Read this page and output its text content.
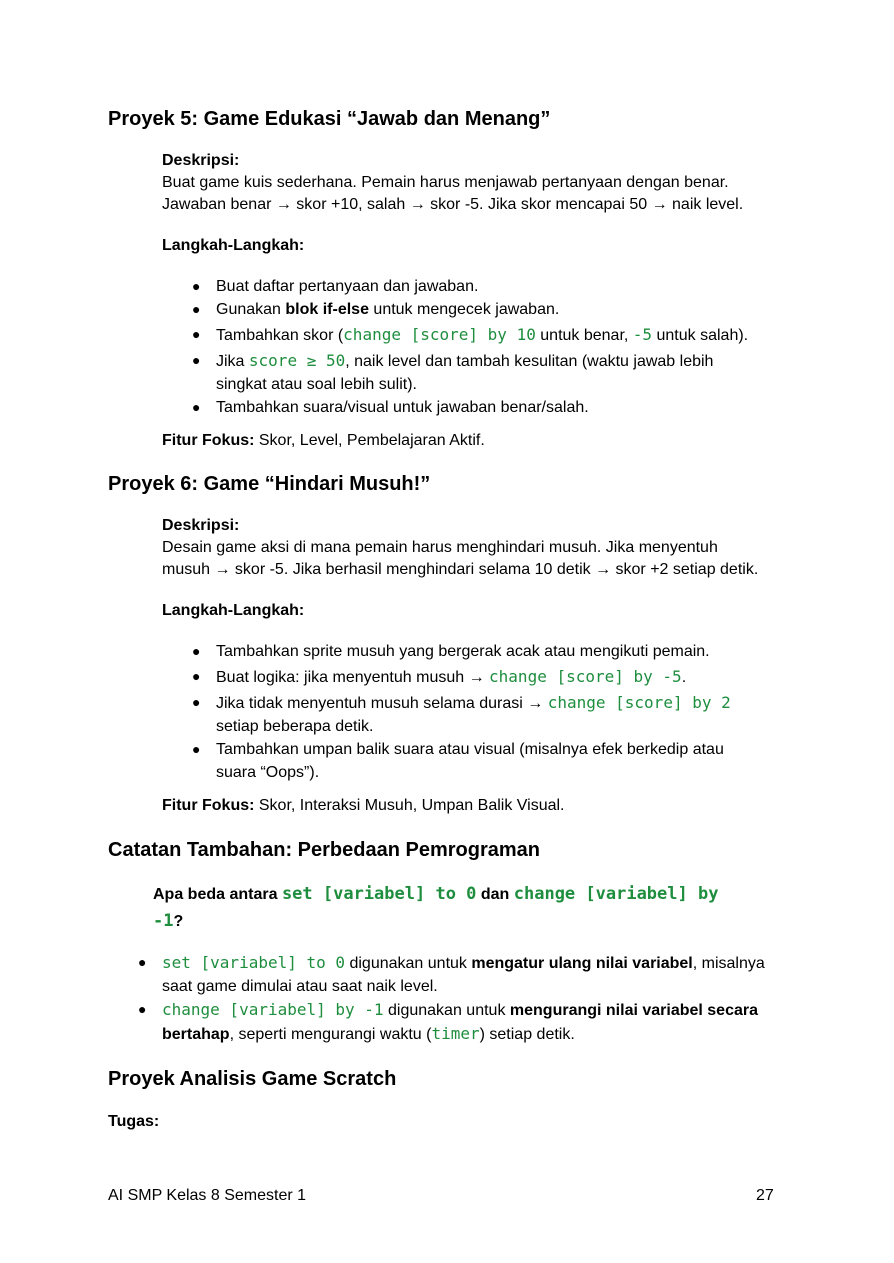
Proyek 5: Game Edukasi “Jawab dan Menang”
Deskripsi:
Buat game kuis sederhana. Pemain harus menjawab pertanyaan dengan benar.
Jawaban benar → skor +10, salah → skor -5. Jika skor mencapai 50 → naik level.
Langkah-Langkah:
● Buat daftar pertanyaan dan jawaban.
● Gunakan blok if-else untuk mengecek jawaban.
● Tambahkan skor (change [score] by 10 untuk benar, -5 untuk salah).
● Jika score ≥ 50, naik level dan tambah kesulitan (waktu jawab lebih
singkat atau soal lebih sulit).
● Tambahkan suara/visual untuk jawaban benar/salah.
Fitur Fokus: Skor, Level, Pembelajaran Aktif.
Proyek 6: Game “Hindari Musuh!”
Deskripsi:
Desain game aksi di mana pemain harus menghindari musuh. Jika menyentuh
musuh → skor -5. Jika berhasil menghindari selama 10 detik → skor +2 setiap detik.
Langkah-Langkah:
● Tambahkan sprite musuh yang bergerak acak atau mengikuti pemain.
● Buat logika: jika menyentuh musuh → change [score] by -5.
● Jika tidak menyentuh musuh selama durasi → change [score] by 2
setiap beberapa detik.
● Tambahkan umpan balik suara atau visual (misalnya efek berkedip atau
suara “Oops”).
Fitur Fokus: Skor, Interaksi Musuh, Umpan Balik Visual.
Catatan Tambahan: Perbedaan Pemrograman
Apa beda antara set [variabel] to 0 dan change [variabel] by
-1?
● set [variabel] to 0 digunakan untuk mengatur ulang nilai variabel, misalnya
saat game dimulai atau saat naik level.
● change [variabel] by -1 digunakan untuk mengurangi nilai variabel secara
bertahap, seperti mengurangi waktu (timer) setiap detik.
Proyek Analisis Game Scratch
Tugas:
AI SMP Kelas 8 Semester 1	27
